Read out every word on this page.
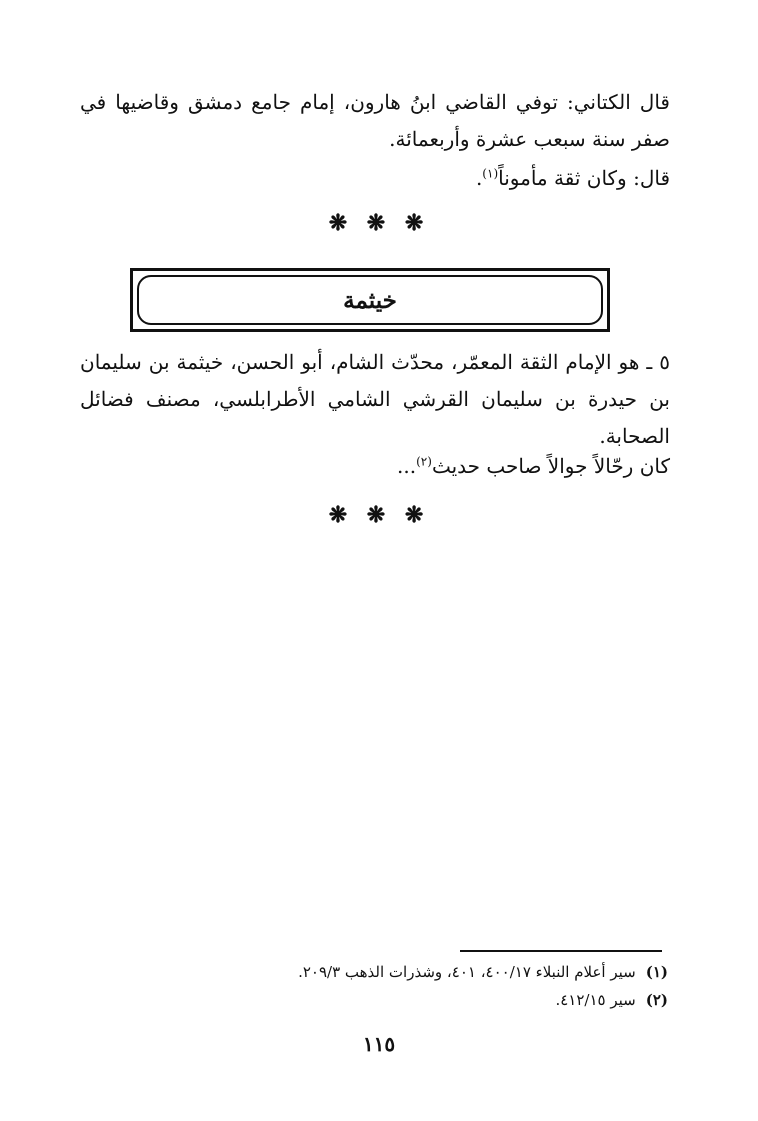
قال الكتاني: توفي القاضي ابنُ هارون، إمام جامع دمشق وقاضيها في صفر سنة سبعب عشرة وأربعمائة.
قال: وكان ثقة مأموناً$^{(١)}$.
❋ ❋ ❋
خيثمة
٥ ـ هو الإمام الثقة المعمّر، محدّث الشام، أبو الحسن، خيثمة بن سليمان بن حيدرة بن سليمان القرشي الشامي الأطرابلسي، مصنف فضائل الصحابة.
كان رحّالاً جوالاً صاحب حديث$^{(٢)}$...
❋ ❋ ❋
(١)سير أعلام النبلاء ٤٠٠/١٧، ٤٠١، وشذرات الذهب ٢٠٩/٣.
(٢)سير ٤١٢/١٥.
١١٥
